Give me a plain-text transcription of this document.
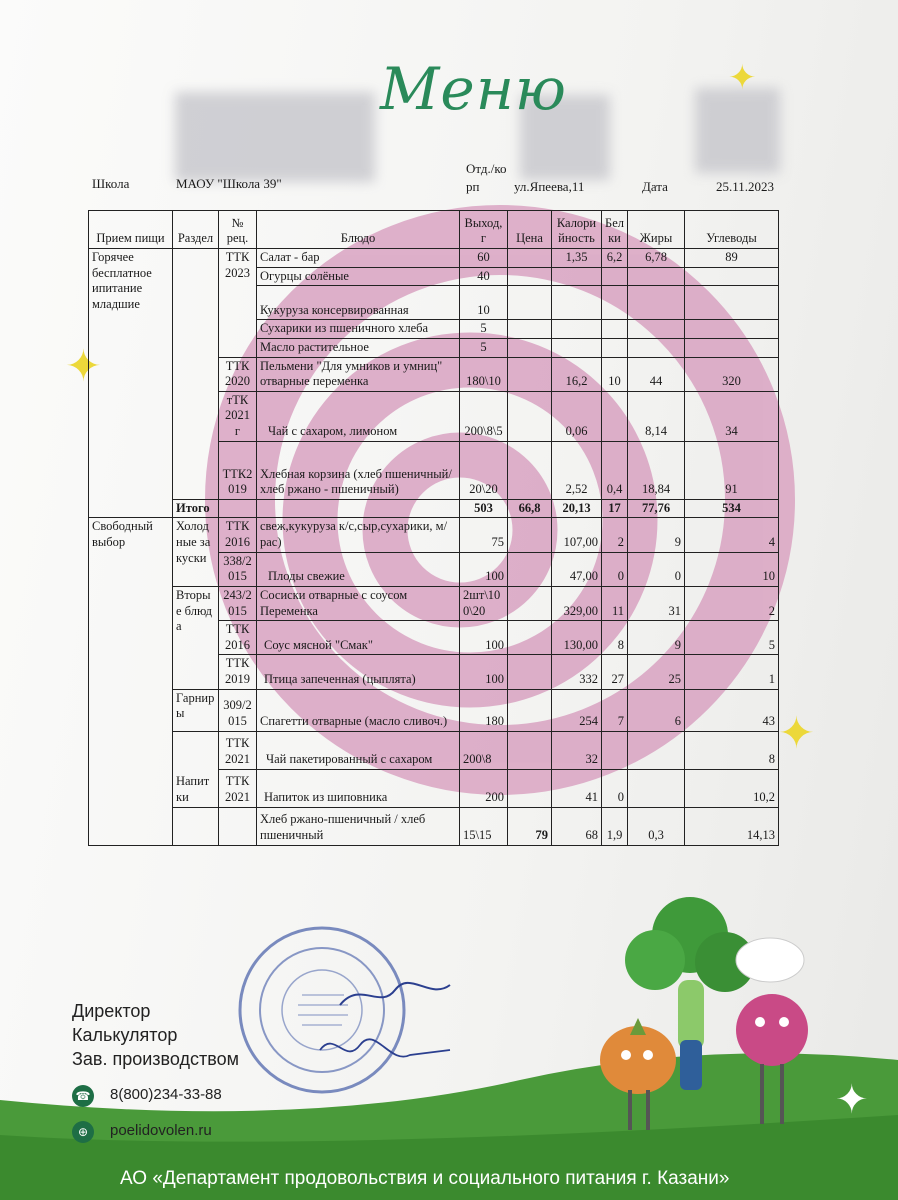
Меню	✦
✦
✦
Школа	МАОУ "Школа 39"
Отд./корп	ул.Япеева,11	Дата	25.11.2023
Прием пищи	Раздел	№ рец.	Блюдо	Выход, г	Цена	Калорийность	Белки	Жиры	Углеводы
Горячее бесплатное ипитание младшие		ТТК 2023	Салат - бар	60		1,35	6,2	6,78	89
			Огурцы солёные	40					
			Кукуруза консервированная	10					
			Сухарики из пшеничного хлеба	5					
			Масло растительное	5					
		ТТК 2020	Пельмени "Для умников и умниц" отварные переменка	180\10		16,2	10	44	320
		тТК 2021 г	Чай с сахаром, лимоном	200\8\5		0,06		8,14	34
		ТТК2 019	Хлебная корзина (хлеб пшеничный/хлеб ржано - пшеничный)	20\20		2,52	0,4	18,84	91
	Итого			503	66,8	20,13	17	77,76	534
Свободный выбор	Холодные закуски	ТТК 2016	свеж,кукуруза к/с,сыр,сухарики, м/рас)	75		107,00	2	9	4
		338/2 015	Плоды свежие	100		47,00	0	0	10
	Вторые блюда	243/2 015	Сосиски отварные с соусом Переменка	2шт\10 0\20		329,00	11	31	2
		ТТК 2016	Соус мясной "Смак"	100		130,00	8	9	5
		ТТК 2019	Птица запеченная (цыплята)	100		332	27	25	1
	Гарниры	309/2 015	Спагетти отварные (масло сливоч.)	180		254	7	6	43
	Напитки	ТТК 2021	Чай пакетированный с сахаром	200\8		32			8
		ТТК 2021	Напиток из шиповника	200		41	0		10,2
			Хлеб ржано-пшеничный / хлеб пшеничный	15\15	79	68	1,9	0,3	14,13
Директор
Калькулятор
Зав. производством
☎ 8(800)234-33-88
⊕	poelidovolen.ru
✦
АО «Департамент продовольствия и социального питания г. Казани»
